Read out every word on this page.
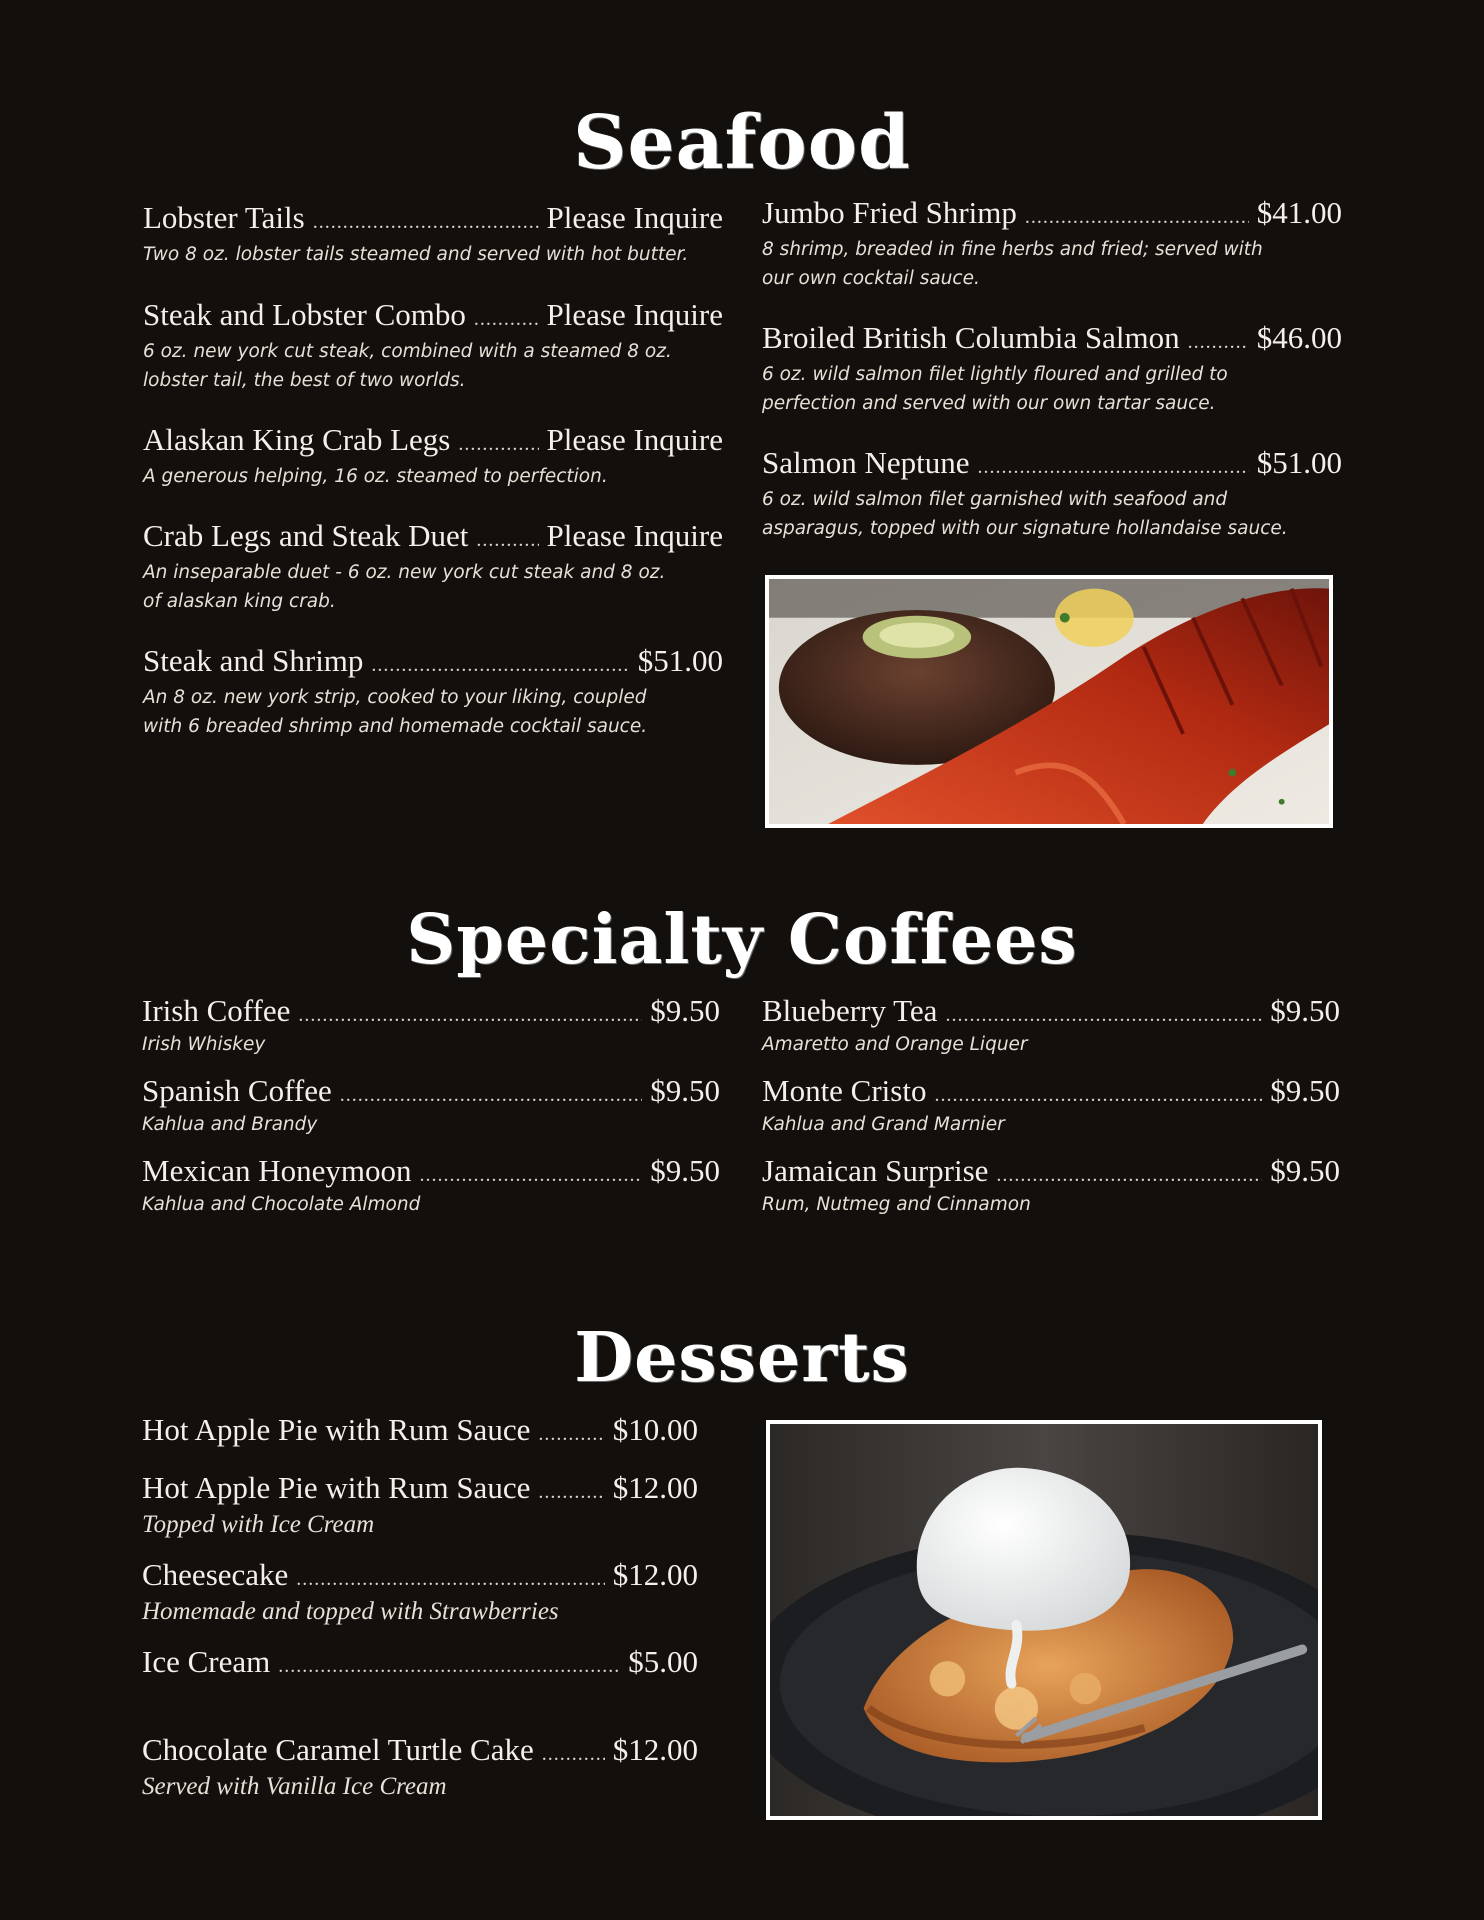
Seafood
Lobster Tails .....	Please Inquire
Two 8 oz. lobster tails steamed and served with hot butter.
Steak and Lobster Combo .....	Please Inquire
6 oz. new york cut steak, combined with a steamed 8 oz.
lobster tail, the best of two worlds.
Alaskan King Crab Legs .....	Please Inquire
A generous helping, 16 oz. steamed to perfection.
Crab Legs and Steak Duet .....	Please Inquire
An inseparable duet - 6 oz. new york cut steak and 8 oz.
of alaskan king crab.
Steak and Shrimp .....	$51.00
An 8 oz. new york strip, cooked to your liking, coupled
with 6 breaded shrimp and homemade cocktail sauce.
Jumbo Fried Shrimp .....	$41.00
8 shrimp, breaded in fine herbs and fried; served with
our own cocktail sauce.
Broiled British Columbia Salmon ..... $46.00
6 oz. wild salmon filet lightly floured and grilled to
perfection and served with our own tartar sauce.
Salmon Neptune .....	$51.00
6 oz. wild salmon filet garnished with seafood and
asparagus, topped with our signature hollandaise sauce.
Specialty Coffees
Irish Coffee .....	$9.50
Irish Whiskey
Spanish Coffee .....	$9.50
Kahlua and Brandy
Mexican Honeymoon .....	$9.50
Kahlua and Chocolate Almond
Blueberry Tea .....	$9.50
Amaretto and Orange Liquer
Monte Cristo .....	$9.50
Kahlua and Grand Marnier
Jamaican Surprise .....	$9.50
Rum, Nutmeg and Cinnamon
Desserts
Hot Apple Pie with Rum Sauce .....	$10.00
Hot Apple Pie with Rum Sauce .....	$12.00
Topped with Ice Cream
Cheesecake .....	$12.00
Homemade and topped with Strawberries
Ice Cream .....	$5.00
Chocolate Caramel Turtle Cake .....	$12.00
Served with Vanilla Ice Cream
